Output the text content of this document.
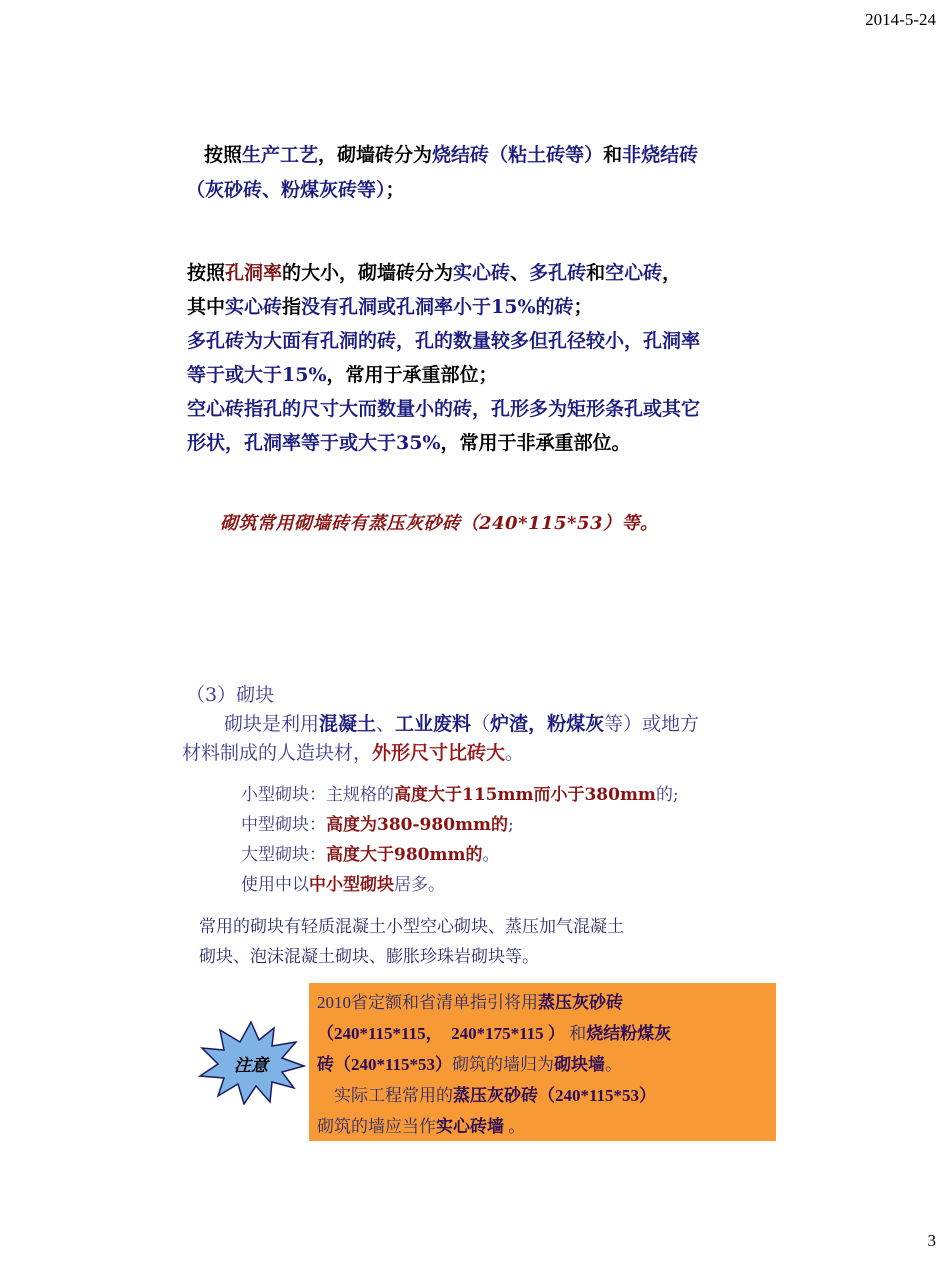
2014-5-24
按照生产工艺，砌墙砖分为烧结砖（粘土砖等）和非烧结砖
（灰砂砖、粉煤灰砖等）；
按照孔洞率的大小，砌墙砖分为实心砖、多孔砖和空心砖，
其中实心砖指没有孔洞或孔洞率小于15%的砖；
多孔砖为大面有孔洞的砖，孔的数量较多但孔径较小，孔洞率
等于或大于15%，常用于承重部位；
空心砖指孔的尺寸大而数量小的砖，孔形多为矩形条孔或其它
形状，孔洞率等于或大于35%，常用于非承重部位。
砌筑常用砌墙砖有蒸压灰砂砖（240*115*53）等。
（3）砌块
砌块是利用混凝土、工业废料（炉渣，粉煤灰等）或地方
材料制成的人造块材，外形尺寸比砖大。
小型砌块：主规格的高度大于115mm而小于380mm的;
中型砌块：高度为380-980mm的;
大型砌块：高度大于980mm的。
使用中以中小型砌块居多。
常用的砌块有轻质混凝土小型空心砌块、蒸压加气混凝土
砌块、泡沫混凝土砌块、膨胀珍珠岩砌块等。
注意
2010省定额和省清单指引将用蒸压灰砂砖
（240*115*115，  240*175*115 ） 和烧结粉煤灰
砖（240*115*53）砌筑的墙归为砌块墙。
实际工程常用的蒸压灰砂砖（240*115*53）
砌筑的墙应当作实心砖墙 。
3
